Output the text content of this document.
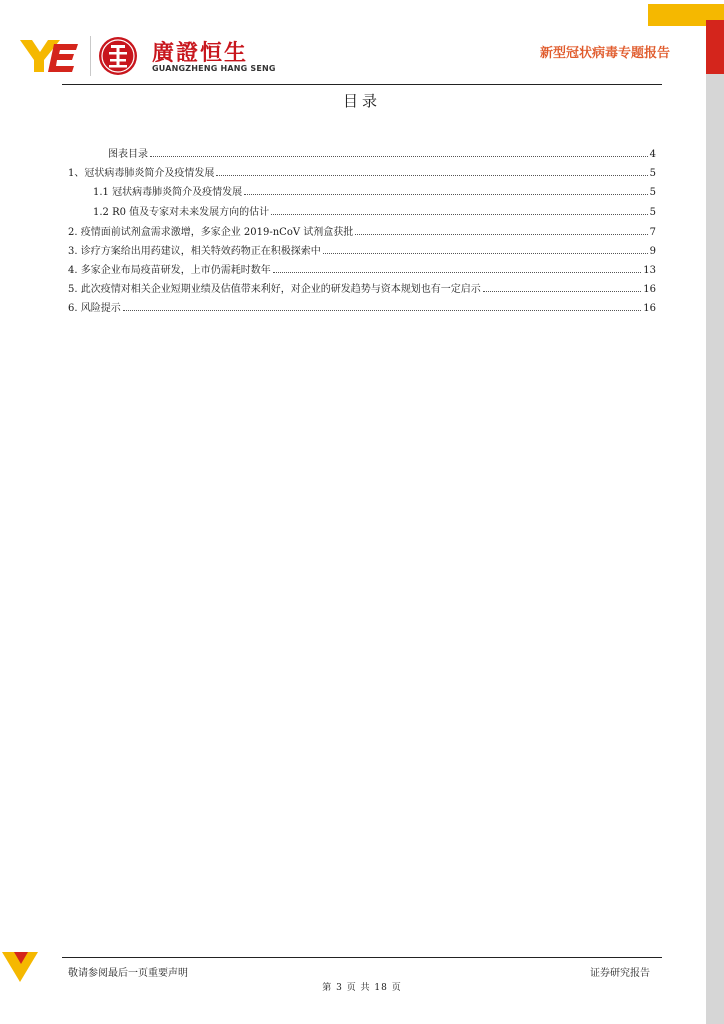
廣證恒生
GUANGZHENG HANG SENG
新型冠状病毒专题报告
目录
图表目录	4
1、冠状病毒肺炎简介及疫情发展	5
1.1 冠状病毒肺炎简介及疫情发展	5
1.2 R0 值及专家对未来发展方向的估计	5
2. 疫情面前试剂盒需求激增，多家企业 2019-nCoV 试剂盒获批	7
3. 诊疗方案给出用药建议，相关特效药物正在积极探索中	9
4. 多家企业布局疫苗研发，上市仍需耗时数年	13
5. 此次疫情对相关企业短期业绩及估值带来利好，对企业的研发趋势与资本规划也有一定启示	16
6. 风险提示	16
敬请参阅最后一页重要声明	证券研究报告
第 3 页 共 18 页
